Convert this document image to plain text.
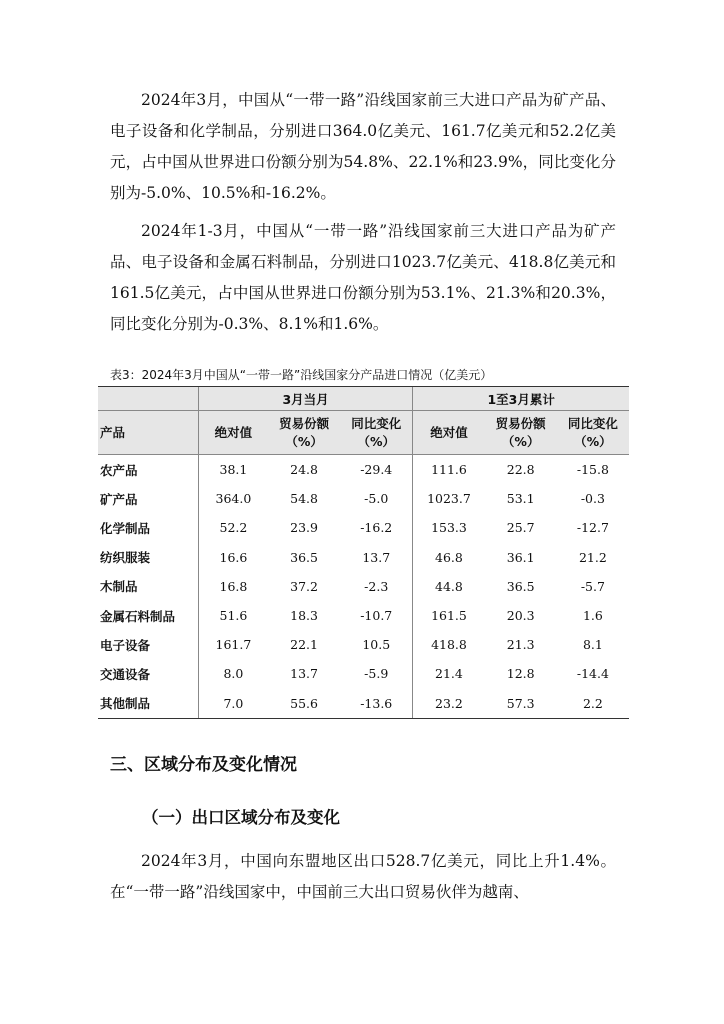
2024年3月，中国从“一带一路”沿线国家前三大进口产品为矿产品、电子设备和化学制品，分别进口364.0亿美元、161.7亿美元和52.2亿美元，占中国从世界进口份额分别为54.8%、22.1%和23.9%，同比变化分别为-5.0%、10.5%和-16.2%。

2024年1-3月，中国从“一带一路”沿线国家前三大进口产品为矿产品、电子设备和金属石料制品，分别进口1023.7亿美元、418.8亿美元和161.5亿美元，占中国从世界进口份额分别为53.1%、21.3%和20.3%，同比变化分别为-0.3%、8.1%和1.6%。

表3：2024年3月中国从“一带一路”沿线国家分产品进口情况（亿美元）
	3月当月			1至3月累计		
产品	绝对值	贸易份额（%）	同比变化（%）	绝对值	贸易份额（%）	同比变化（%）
农产品	38.1	24.8	-29.4	111.6	22.8	-15.8
矿产品	364.0	54.8	-5.0	1023.7	53.1	-0.3
化学制品	52.2	23.9	-16.2	153.3	25.7	-12.7
纺织服装	16.6	36.5	13.7	46.8	36.1	21.2
木制品	16.8	37.2	-2.3	44.8	36.5	-5.7
金属石料制品	51.6	18.3	-10.7	161.5	20.3	1.6
电子设备	161.7	22.1	10.5	418.8	21.3	8.1
交通设备	8.0	13.7	-5.9	21.4	12.8	-14.4
其他制品	7.0	55.6	-13.6	23.2	57.3	2.2
三、区域分布及变化情况
（一）出口区域分布及变化

2024年3月，中国向东盟地区出口528.7亿美元，同比上升1.4%。在“一带一路”沿线国家中，中国前三大出口贸易伙伴为越南、
